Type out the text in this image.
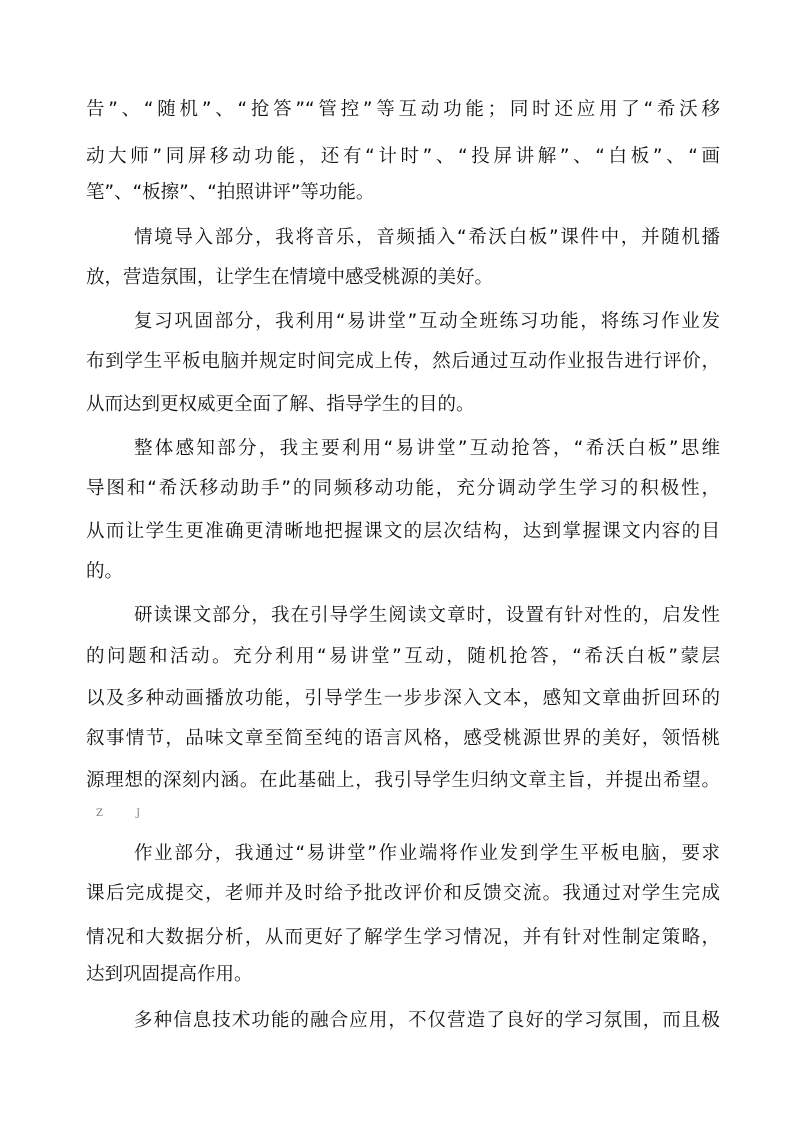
告”、“随机”、“抢答”“管控”等互动功能；同时还应用了“希沃移
动大师”同屏移动功能，还有“计时”、“投屏讲解”、“白板”、“画
笔”、“板擦”、“拍照讲评”等功能。
情境导入部分，我将音乐，音频插入“希沃白板”课件中，并随机播
放，营造氛围，让学生在情境中感受桃源的美好。
复习巩固部分，我利用“易讲堂”互动全班练习功能，将练习作业发
布到学生平板电脑并规定时间完成上传，然后通过互动作业报告进行评价，
从而达到更权威更全面了解、指导学生的目的。
整体感知部分，我主要利用“易讲堂”互动抢答，“希沃白板”思维
导图和“希沃移动助手”的同频移动功能，充分调动学生学习的积极性，
从而让学生更准确更清晰地把握课文的层次结构，达到掌握课文内容的目
的。
研读课文部分，我在引导学生阅读文章时，设置有针对性的，启发性
的问题和活动。充分利用“易讲堂”互动，随机抢答，“希沃白板”蒙层
以及多种动画播放功能，引导学生一步步深入文本，感知文章曲折回环的
叙事情节，品味文章至简至纯的语言风格，感受桃源世界的美好，领悟桃
源理想的深刻内涵。在此基础上，我引导学生归纳文章主旨，并提出希望。
Z J
作业部分，我通过“易讲堂”作业端将作业发到学生平板电脑，要求
课后完成提交，老师并及时给予批改评价和反馈交流。我通过对学生完成
情况和大数据分析，从而更好了解学生学习情况，并有针对性制定策略，
达到巩固提高作用。
多种信息技术功能的融合应用，不仅营造了良好的学习氛围，而且极
